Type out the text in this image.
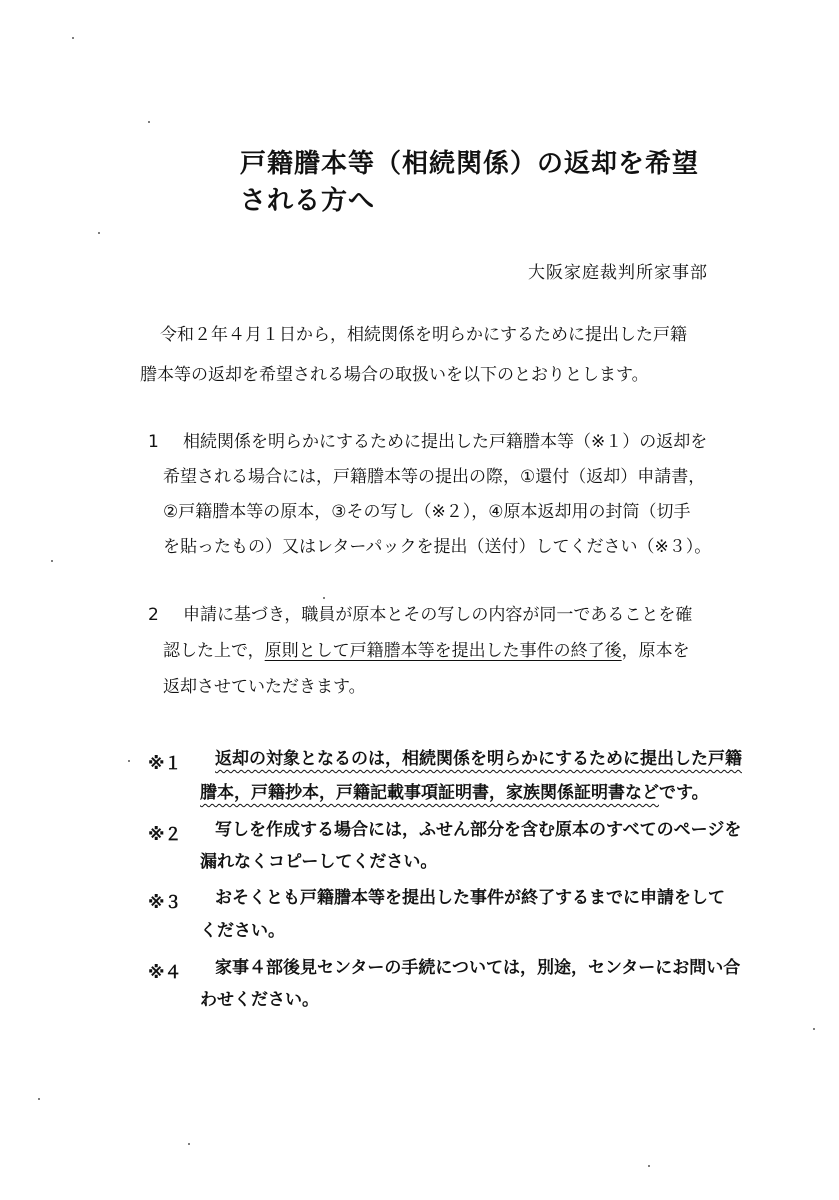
戸籍謄本等（相続関係）の返却を希望
される方へ
大阪家庭裁判所家事部
令和２年４月１日から，相続関係を明らかにするために提出した戸籍
謄本等の返却を希望される場合の取扱いを以下のとおりとします。
1 相続関係を明らかにするために提出した戸籍謄本等（※１）の返却を
希望される場合には，戸籍謄本等の提出の際，①還付（返却）申請書，
②戸籍謄本等の原本，③その写し（※２），④原本返却用の封筒（切手
を貼ったもの）又はレターパックを提出（送付）してください（※３）。
2 申請に基づき，職員が原本とその写しの内容が同一であることを確
認した上で，原則として戸籍謄本等を提出した事件の終了後，原本を
返却させていただきます。
※１ 返却の対象となるのは，相続関係を明らかにするために提出した戸籍
謄本，戸籍抄本，戸籍記載事項証明書，家族関係証明書などです。
※２ 写しを作成する場合には，ふせん部分を含む原本のすべてのページを
漏れなくコピーしてください。
※３ おそくとも戸籍謄本等を提出した事件が終了するまでに申請をして
ください。
※４ 家事４部後見センターの手続については，別途，センターにお問い合
わせください。
